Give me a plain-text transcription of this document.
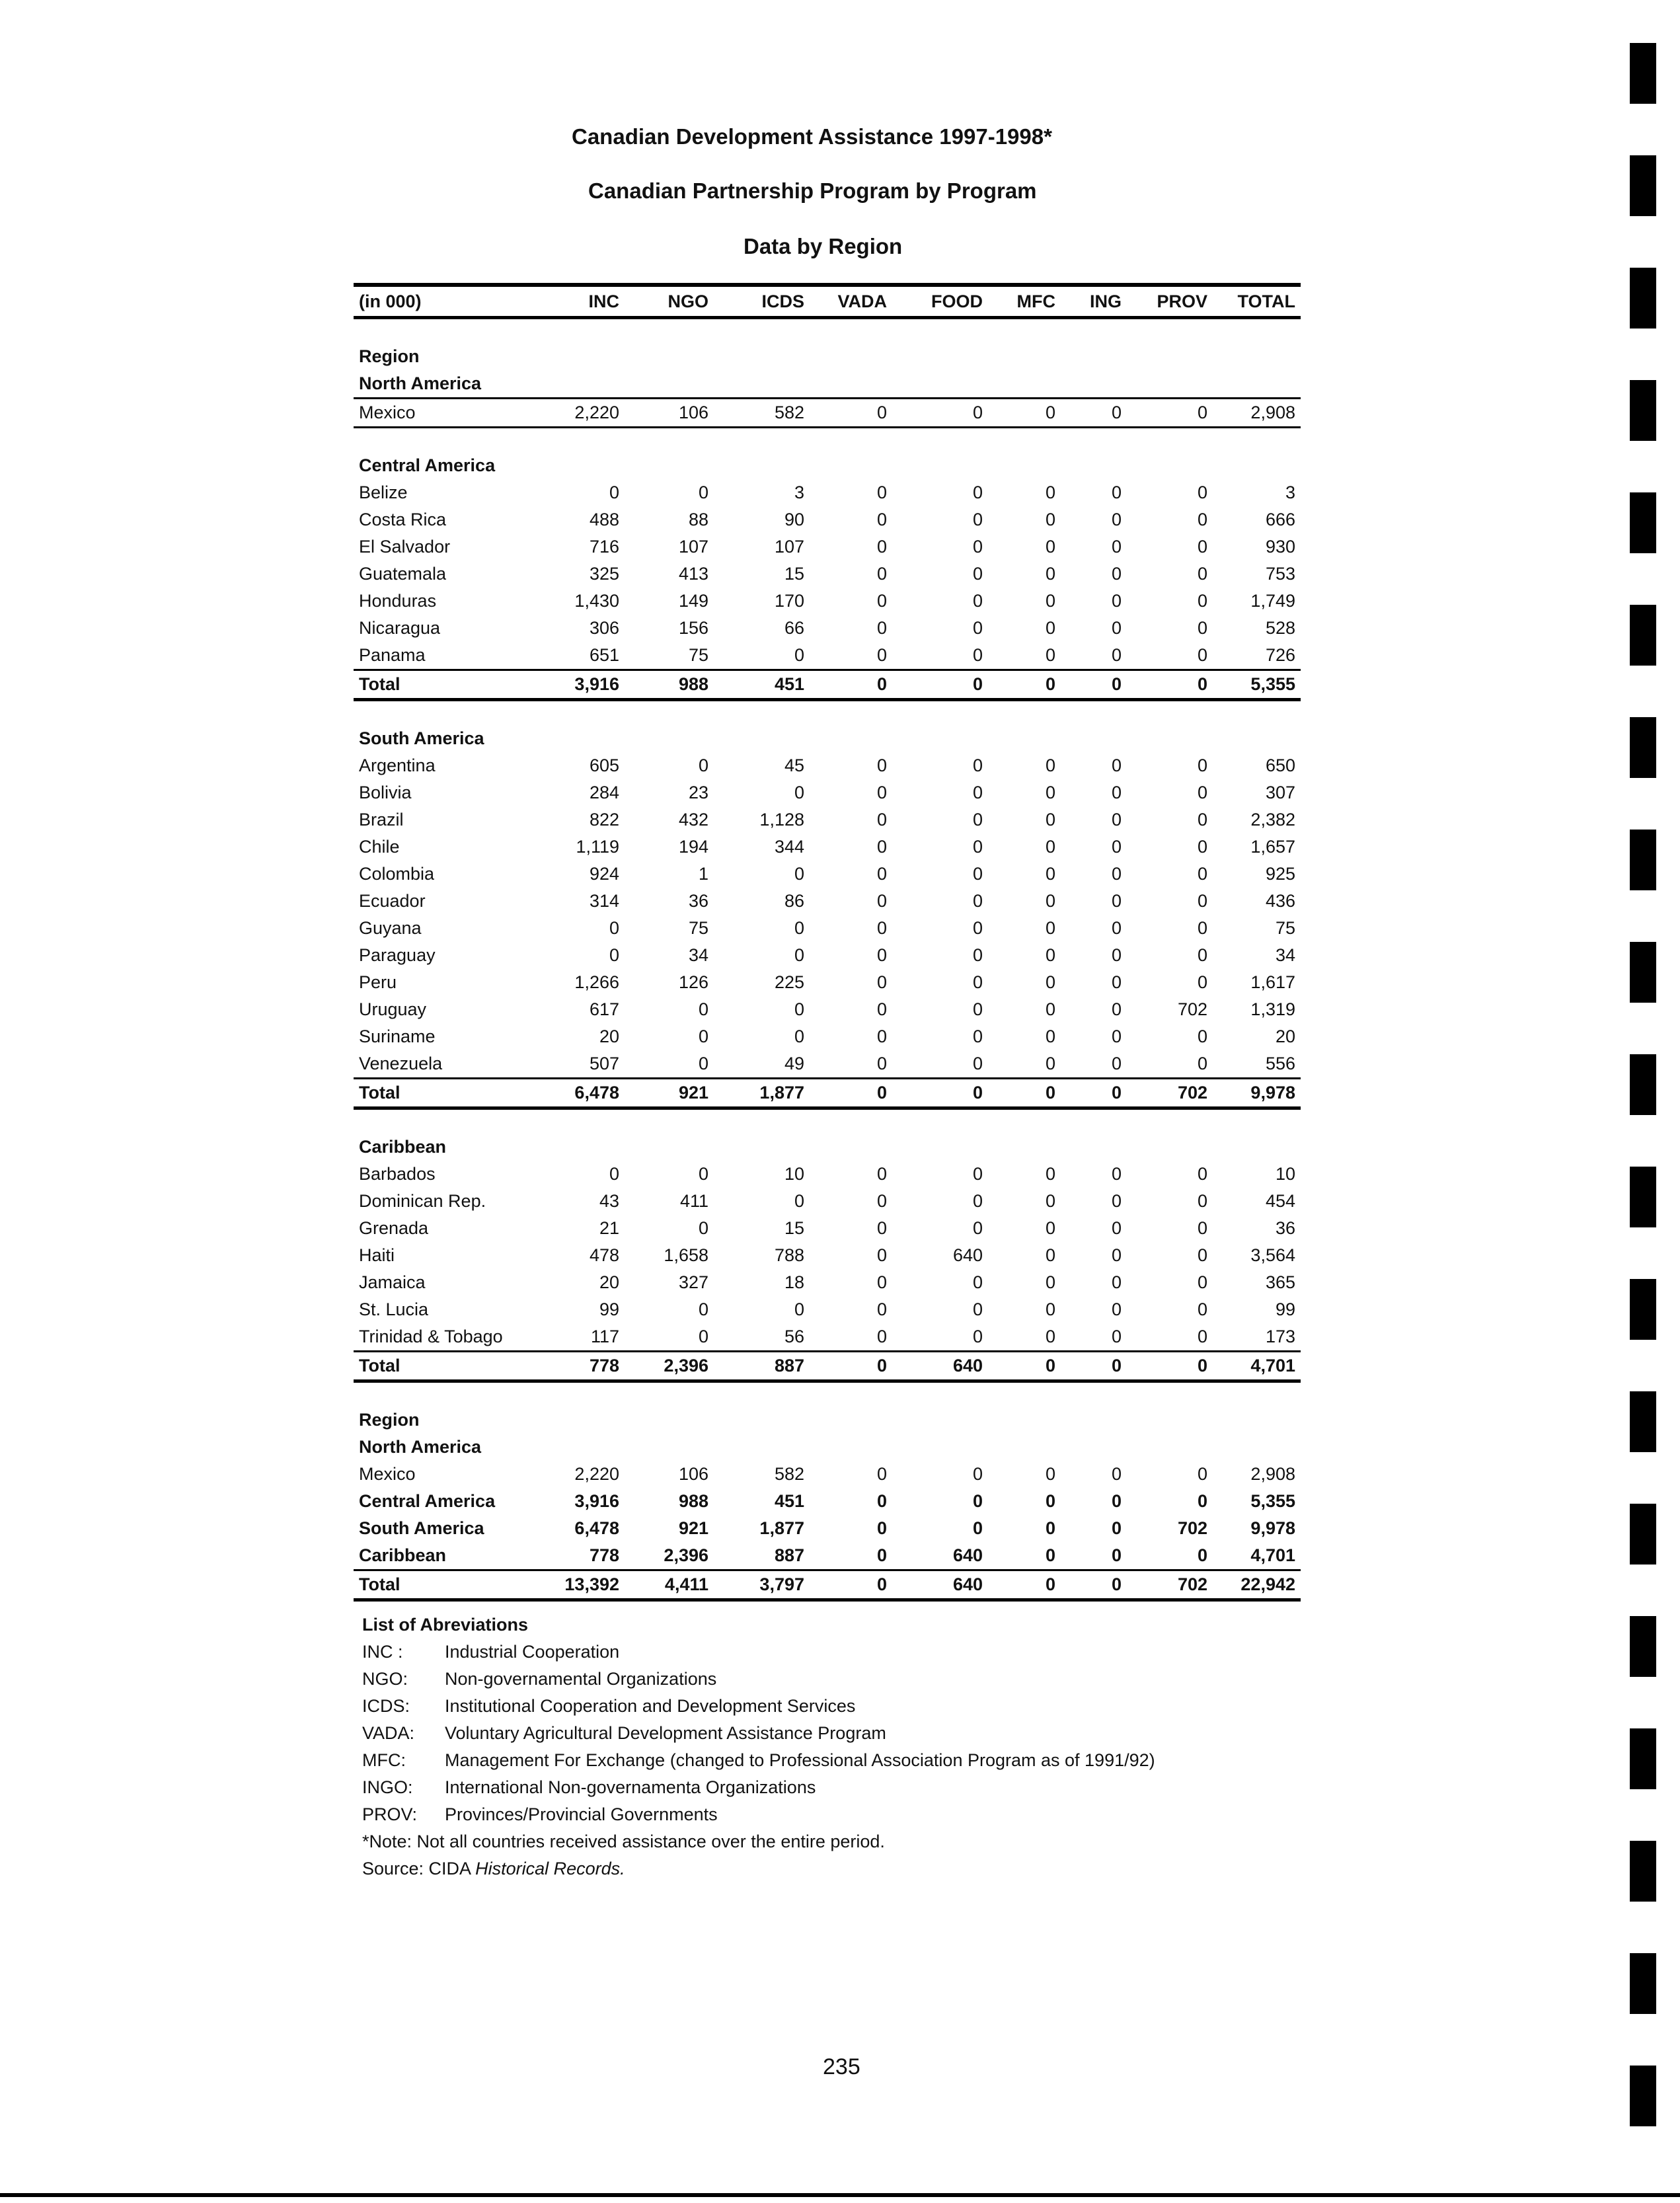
Canadian Development Assistance 1997-1998*
Canadian Partnership Program by Program
Data by Region
(in 000)	INC	NGO	ICDS	VADA	FOOD	MFC	ING	PROV	TOTAL

Region									
North America									
Mexico	2,220	106	582	0	0	0	0	0	2,908

Central America									
Belize	0	0	3	0	0	0	0	0	3
Costa Rica	488	88	90	0	0	0	0	0	666
El Salvador	716	107	107	0	0	0	0	0	930
Guatemala	325	413	15	0	0	0	0	0	753
Honduras	1,430	149	170	0	0	0	0	0	1,749
Nicaragua	306	156	66	0	0	0	0	0	528
Panama	651	75	0	0	0	0	0	0	726
Total	3,916	988	451	0	0	0	0	0	5,355

South America									
Argentina	605	0	45	0	0	0	0	0	650
Bolivia	284	23	0	0	0	0	0	0	307
Brazil	822	432	1,128	0	0	0	0	0	2,382
Chile	1,119	194	344	0	0	0	0	0	1,657
Colombia	924	1	0	0	0	0	0	0	925
Ecuador	314	36	86	0	0	0	0	0	436
Guyana	0	75	0	0	0	0	0	0	75
Paraguay	0	34	0	0	0	0	0	0	34
Peru	1,266	126	225	0	0	0	0	0	1,617
Uruguay	617	0	0	0	0	0	0	702	1,319
Suriname	20	0	0	0	0	0	0	0	20
Venezuela	507	0	49	0	0	0	0	0	556
Total	6,478	921	1,877	0	0	0	0	702	9,978

Caribbean									
Barbados	0	0	10	0	0	0	0	0	10
Dominican Rep.	43	411	0	0	0	0	0	0	454
Grenada	21	0	15	0	0	0	0	0	36
Haiti	478	1,658	788	0	640	0	0	0	3,564
Jamaica	20	327	18	0	0	0	0	0	365
St. Lucia	99	0	0	0	0	0	0	0	99
Trinidad & Tobago	117	0	56	0	0	0	0	0	173
Total	778	2,396	887	0	640	0	0	0	4,701

Region									
North America									
Mexico	2,220	106	582	0	0	0	0	0	2,908
Central America	3,916	988	451	0	0	0	0	0	5,355
South America	6,478	921	1,877	0	0	0	0	702	9,978
Caribbean	778	2,396	887	0	640	0	0	0	4,701
Total	13,392	4,411	3,797	0	640	0	0	702	22,942
List of Abreviations
INC :	Industrial Cooperation
NGO:	Non-governamental Organizations
ICDS:	Institutional Cooperation and Development Services
VADA:	Voluntary Agricultural Development Assistance Program
MFC:	Management For Exchange (changed to Professional Association Program as of 1991/92)
INGO:	International Non-governamenta Organizations
PROV:	Provinces/Provincial Governments
*Note: Not all countries received assistance over the entire period.
Source: CIDA Historical Records.
235
